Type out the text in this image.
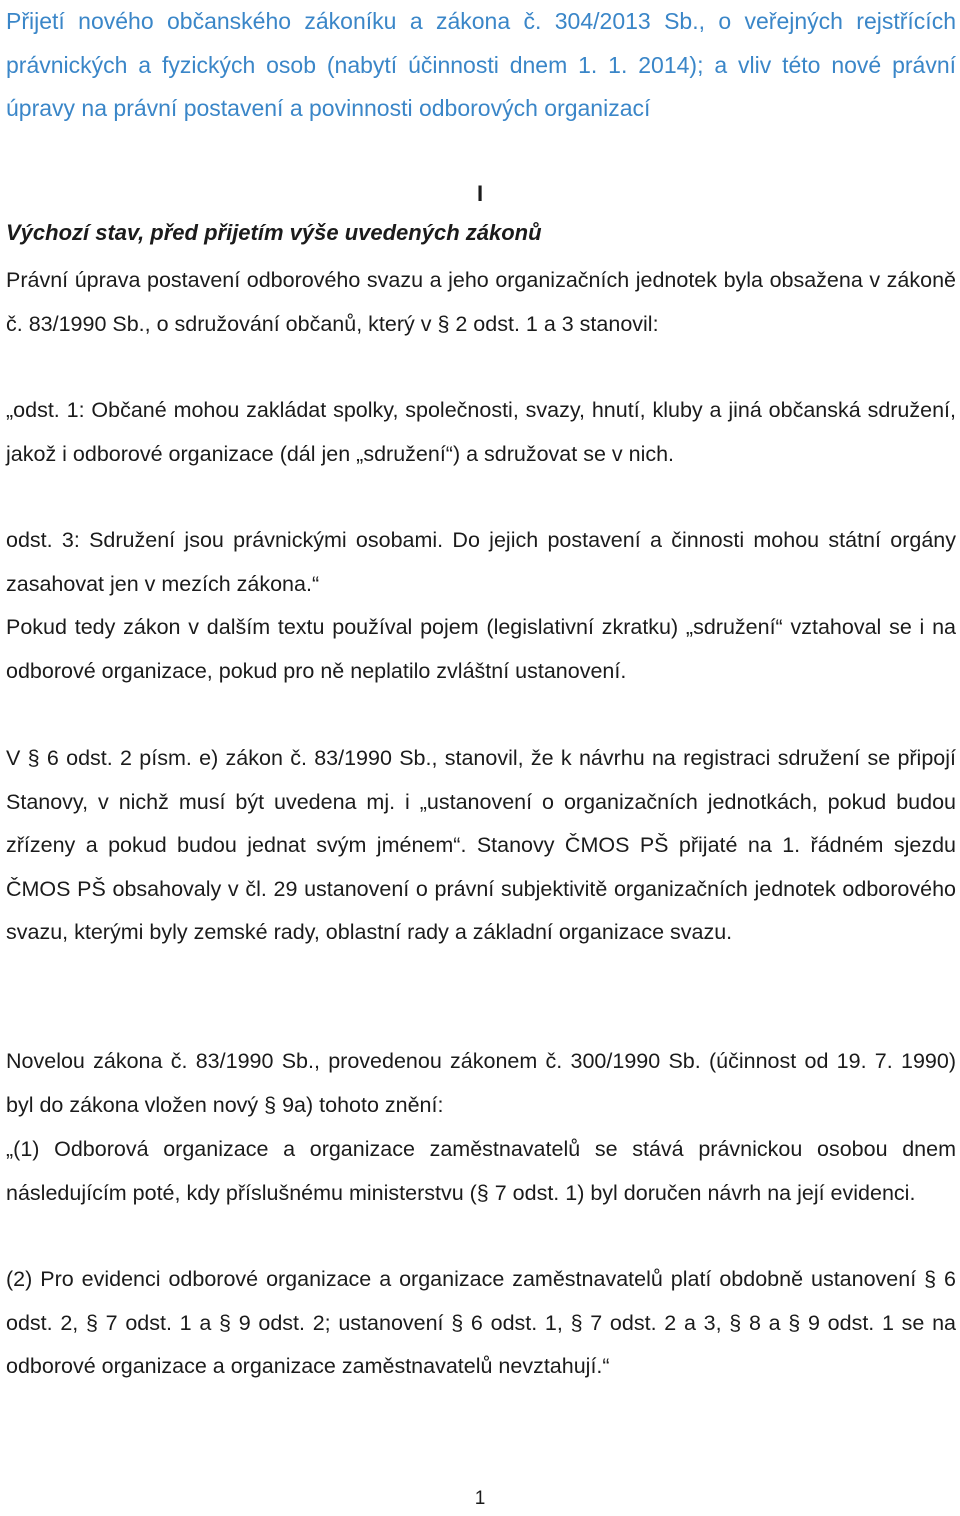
Přijetí nového občanského zákoníku a zákona č. 304/2013 Sb., o veřejných rejstřících právnických a fyzických osob (nabytí účinnosti dnem 1. 1. 2014); a vliv této nové právní úpravy na právní postavení a povinnosti odborových organizací

I

Výchozí stav, před přijetím výše uvedených zákonů

Právní úprava postavení odborového svazu a jeho organizačních jednotek byla obsažena v zákoně č. 83/1990 Sb., o sdružování občanů, který v § 2 odst. 1 a 3 stanovil:

„odst. 1: Občané mohou zakládat spolky, společnosti, svazy, hnutí, kluby a jiná občanská sdružení, jakož i odborové organizace (dál jen „sdružení“) a sdružovat se v nich.

odst. 3: Sdružení jsou právnickými osobami. Do jejich postavení a činnosti mohou státní orgány zasahovat jen v mezích zákona.“

Pokud tedy zákon v dalším textu používal pojem (legislativní zkratku) „sdružení“ vztahoval se i na odborové organizace, pokud pro ně neplatilo zvláštní ustanovení.

V § 6 odst. 2 písm. e) zákon č. 83/1990 Sb., stanovil, že k návrhu na registraci sdružení se připojí Stanovy, v nichž musí být uvedena mj. i „ustanovení o organizačních jednotkách, pokud budou zřízeny a pokud budou jednat svým jménem“. Stanovy ČMOS PŠ přijaté na 1. řádném sjezdu ČMOS PŠ obsahovaly v čl. 29 ustanovení o právní subjektivitě organizačních jednotek odborového svazu, kterými byly zemské rady, oblastní rady a základní organizace svazu.

Novelou zákona č. 83/1990 Sb., provedenou zákonem č. 300/1990 Sb. (účinnost od 19. 7. 1990) byl do zákona vložen nový § 9a) tohoto znění:

„(1) Odborová organizace a organizace zaměstnavatelů se stává právnickou osobou dnem následujícím poté, kdy příslušnému ministerstvu (§ 7 odst. 1) byl doručen návrh na její evidenci.

(2) Pro evidenci odborové organizace a organizace zaměstnavatelů platí obdobně ustanovení § 6 odst. 2, § 7 odst. 1 a § 9 odst. 2; ustanovení § 6 odst. 1, § 7 odst. 2 a 3, § 8 a § 9 odst. 1 se na odborové organizace a organizace zaměstnavatelů nevztahují.“

1
